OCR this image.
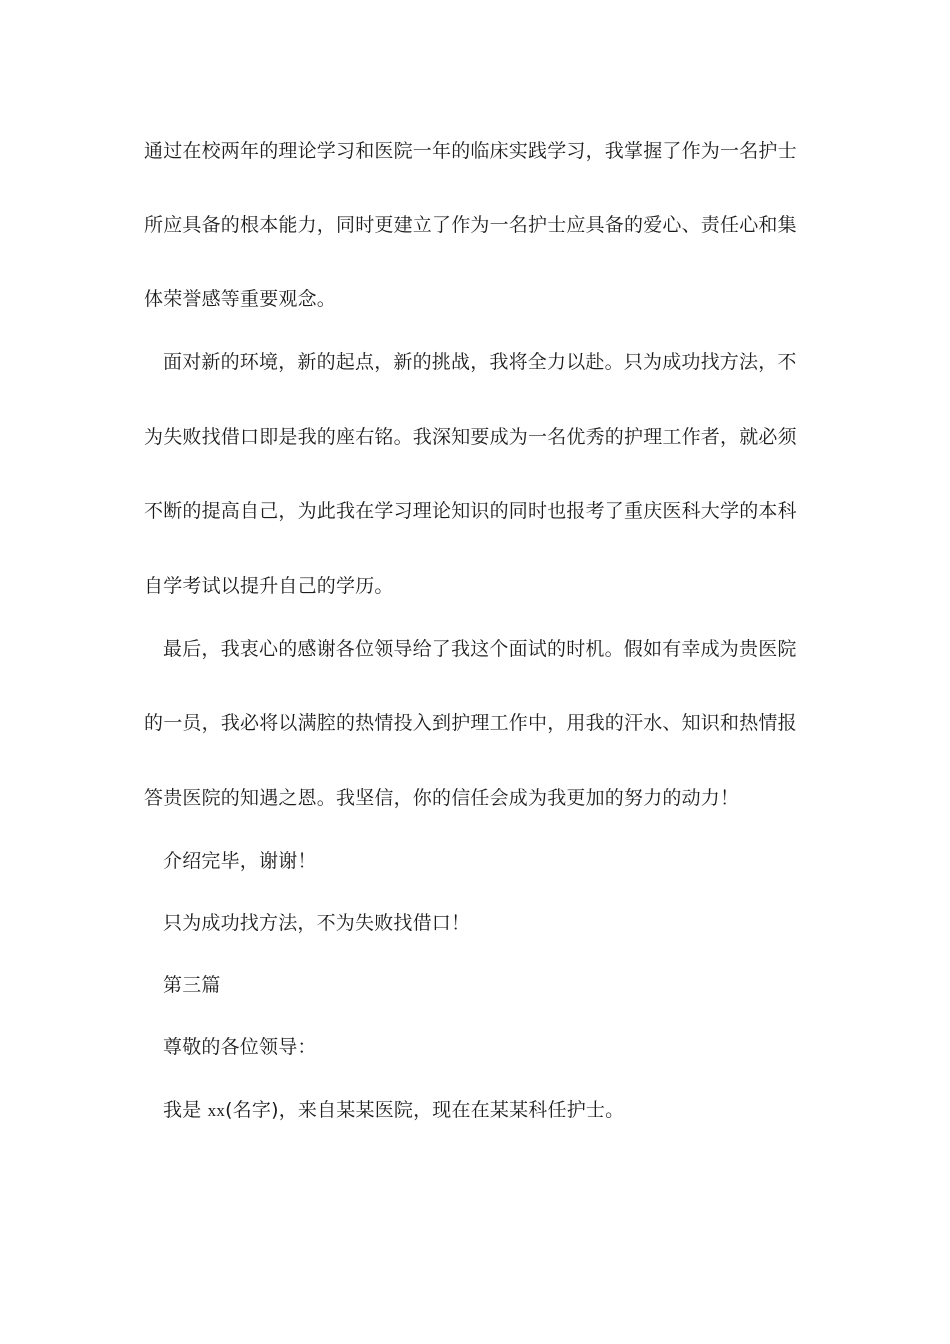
通过在校两年的理论学习和医院一年的临床实践学习，我掌握了作为一名护士
所应具备的根本能力，同时更建立了作为一名护士应具备的爱心、责任心和集
体荣誉感等重要观念。
面对新的环境，新的起点，新的挑战，我将全力以赴。只为成功找方法，不
为失败找借口即是我的座右铭。我深知要成为一名优秀的护理工作者，就必须
不断的提高自己，为此我在学习理论知识的同时也报考了重庆医科大学的本科
自学考试以提升自己的学历。
最后，我衷心的感谢各位领导给了我这个面试的时机。假如有幸成为贵医院
的一员，我必将以满腔的热情投入到护理工作中，用我的汗水、知识和热情报
答贵医院的知遇之恩。我坚信，你的信任会成为我更加的努力的动力！
介绍完毕，谢谢！
只为成功找方法，不为失败找借口！
第三篇
尊敬的各位领导：
我是 xx(名字)，来自某某医院，现在在某某科任护士。
